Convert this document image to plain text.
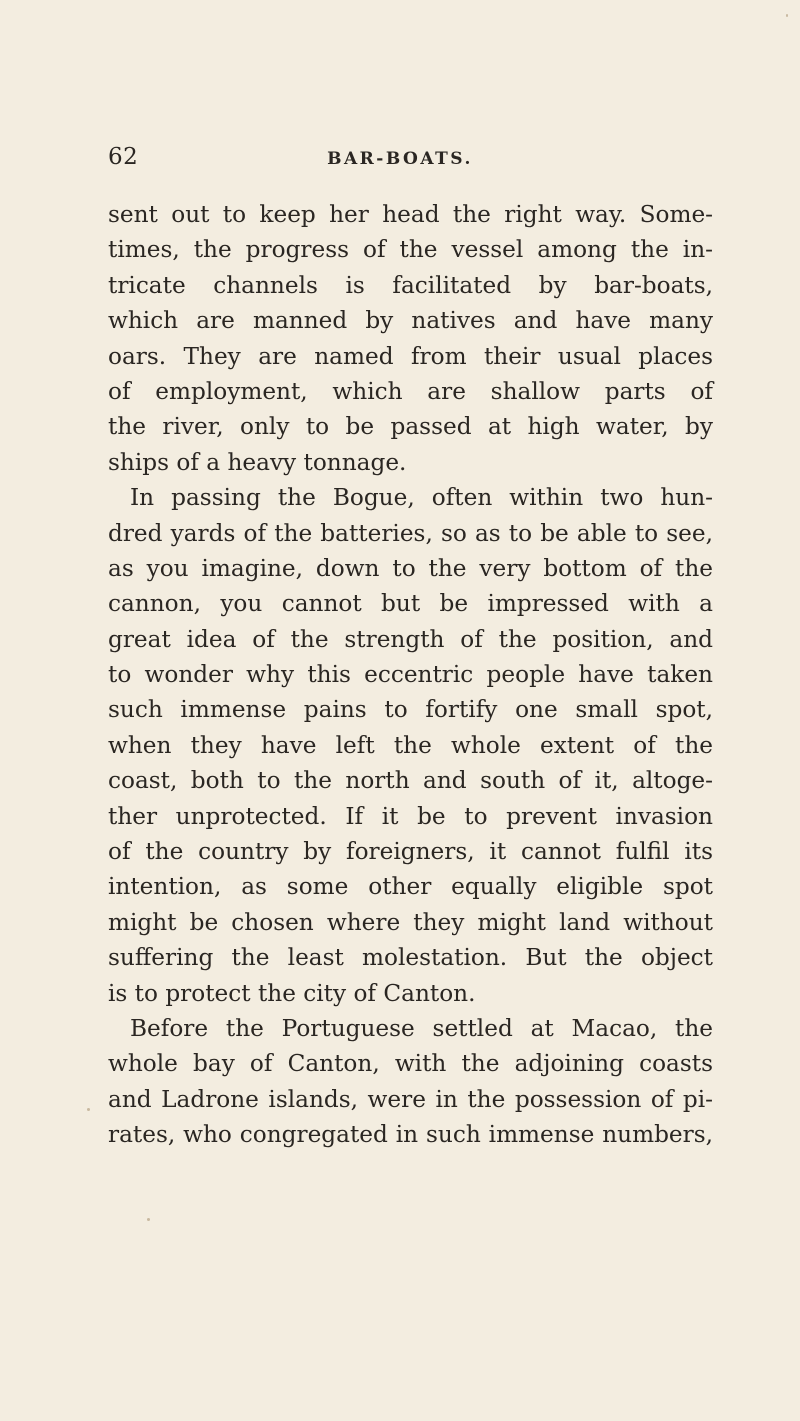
62	BAR-BOATS.
sent out to keep her head the right way. Some-
times, the progress of the vessel among the in-
tricate channels is facilitated by bar-boats,
which are manned by natives and have many
oars. They are named from their usual places
of employment, which are shallow parts of
the river, only to be passed at high water, by
ships of a heavy tonnage.
In passing the Bogue, often within two hun-
dred yards of the batteries, so as to be able to see,
as you imagine, down to the very bottom of the
cannon, you cannot but be impressed with a
great idea of the strength of the position, and
to wonder why this eccentric people have taken
such immense pains to fortify one small spot,
when they have left the whole extent of the
coast, both to the north and south of it, altoge-
ther unprotected. If it be to prevent invasion
of the country by foreigners, it cannot fulfil its
intention, as some other equally eligible spot
might be chosen where they might land without
suffering the least molestation. But the object
is to protect the city of Canton.
Before the Portuguese settled at Macao, the
whole bay of Canton, with the adjoining coasts
and Ladrone islands, were in the possession of pi-
rates, who congregated in such immense numbers,
